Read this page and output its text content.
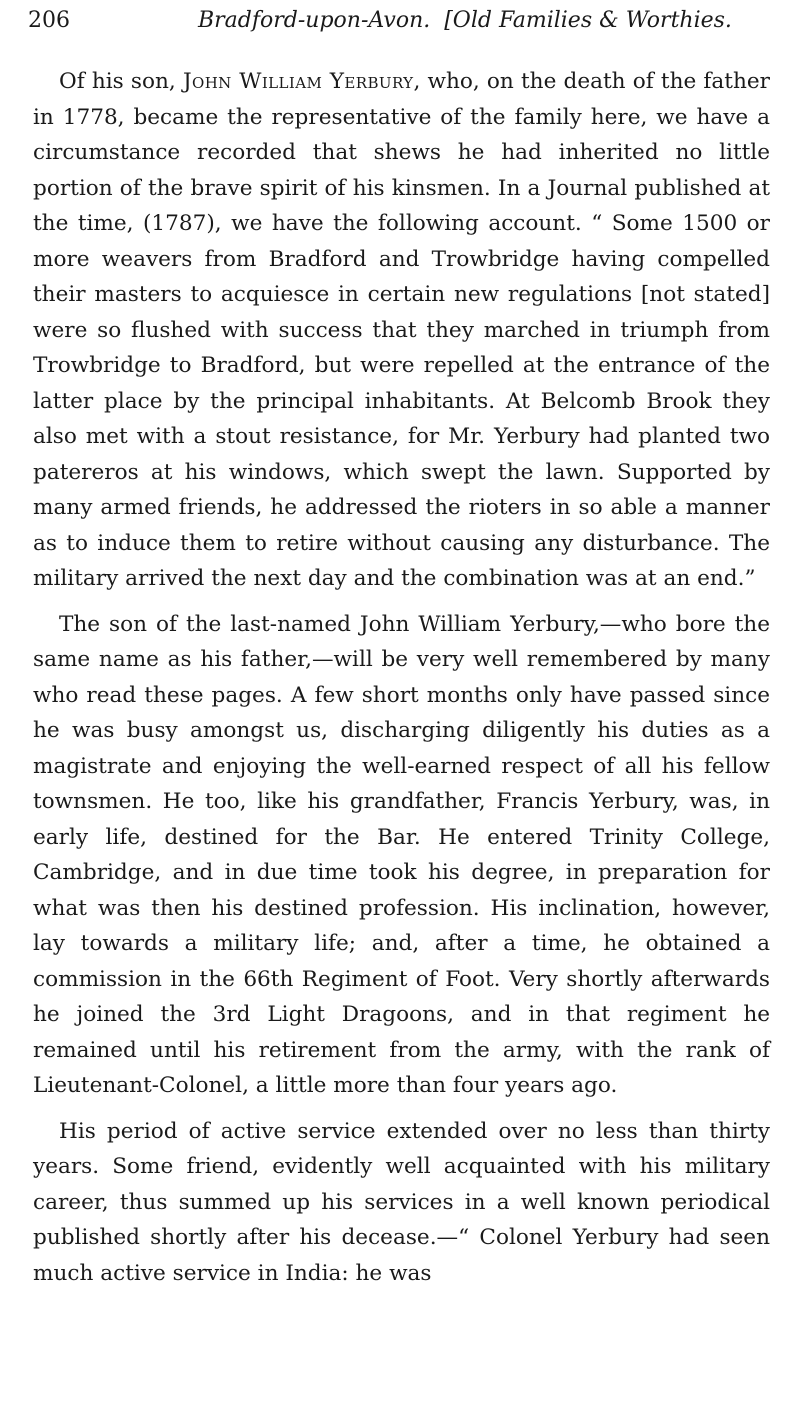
206	Bradford-upon-Avon.  [Old Families & Worthies.

Of his son, John William Yerbury, who, on the death of the father in 1778, became the representative of the family here, we have a circumstance recorded that shews he had inherited no little portion of the brave spirit of his kinsmen. In a Journal published at the time, (1787), we have the following account. “ Some 1500 or more weavers from Bradford and Trowbridge having compelled their masters to acquiesce in certain new regulations [not stated] were so flushed with success that they marched in triumph from Trowbridge to Bradford, but were repelled at the entrance of the latter place by the principal inhabitants. At Belcomb Brook they also met with a stout resistance, for Mr. Yerbury had planted two patereros at his windows, which swept the lawn. Supported by many armed friends, he addressed the rioters in so able a manner as to induce them to retire without causing any disturbance. The military arrived the next day and the combination was at an end.”

The son of the last-named John William Yerbury,—who bore the same name as his father,—will be very well remembered by many who read these pages. A few short months only have passed since he was busy amongst us, discharging diligently his duties as a magistrate and enjoying the well-earned respect of all his fellow townsmen. He too, like his grandfather, Francis Yerbury, was, in early life, destined for the Bar. He entered Trinity College, Cambridge, and in due time took his degree, in preparation for what was then his destined profession. His inclination, however, lay towards a military life; and, after a time, he obtained a commission in the 66th Regiment of Foot. Very shortly afterwards he joined the 3rd Light Dragoons, and in that regiment he remained until his retirement from the army, with the rank of Lieutenant-Colonel, a little more than four years ago.

His period of active service extended over no less than thirty years. Some friend, evidently well acquainted with his military career, thus summed up his services in a well known periodical published shortly after his decease.—“ Colonel Yerbury had seen much active service in India: he was
